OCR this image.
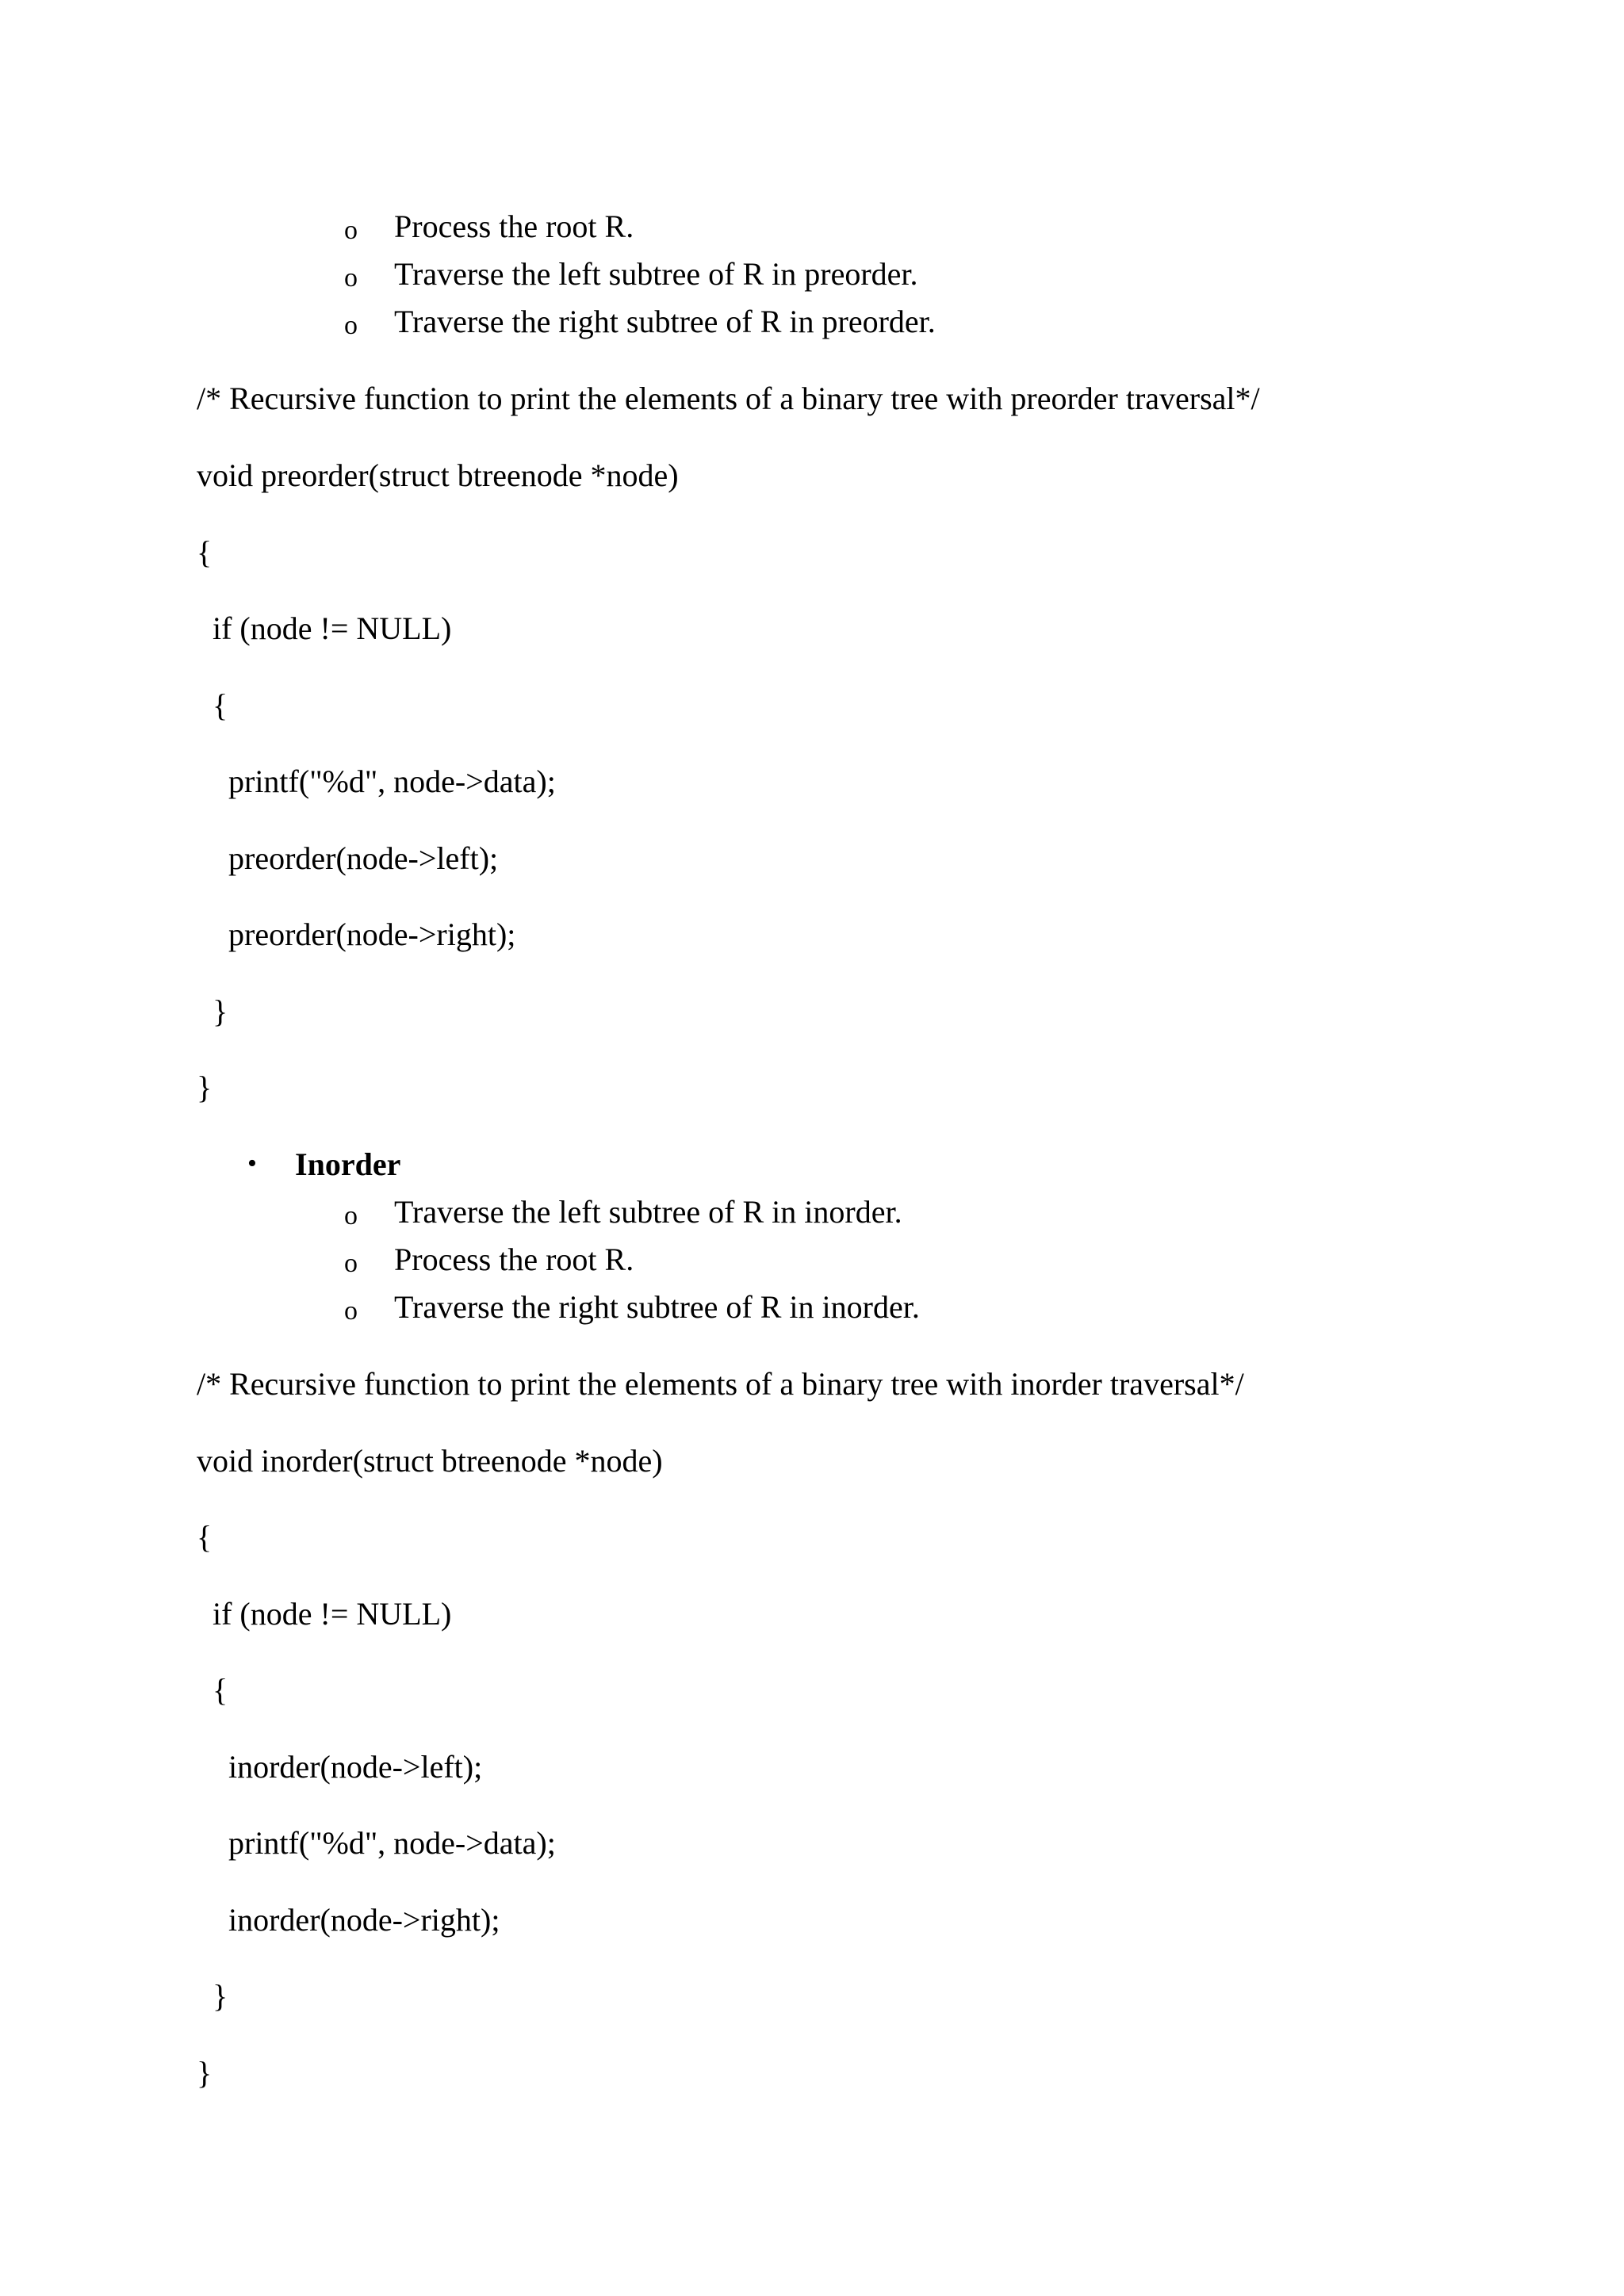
o Process the root R.
o Traverse the left subtree of R in preorder.
o Traverse the right subtree of R in preorder.
/* Recursive function to print the elements of a binary tree with preorder traversal*/
void preorder(struct btreenode *node)
{
if (node != NULL)
{
printf("%d", node->data);
preorder(node->left);
preorder(node->right);
}
}
• Inorder
o Traverse the left subtree of R in inorder.
o Process the root R.
o Traverse the right subtree of R in inorder.
/* Recursive function to print the elements of a binary tree with inorder traversal*/
void inorder(struct btreenode *node)
{
if (node != NULL)
{
inorder(node->left);
printf("%d", node->data);
inorder(node->right);
}
}
